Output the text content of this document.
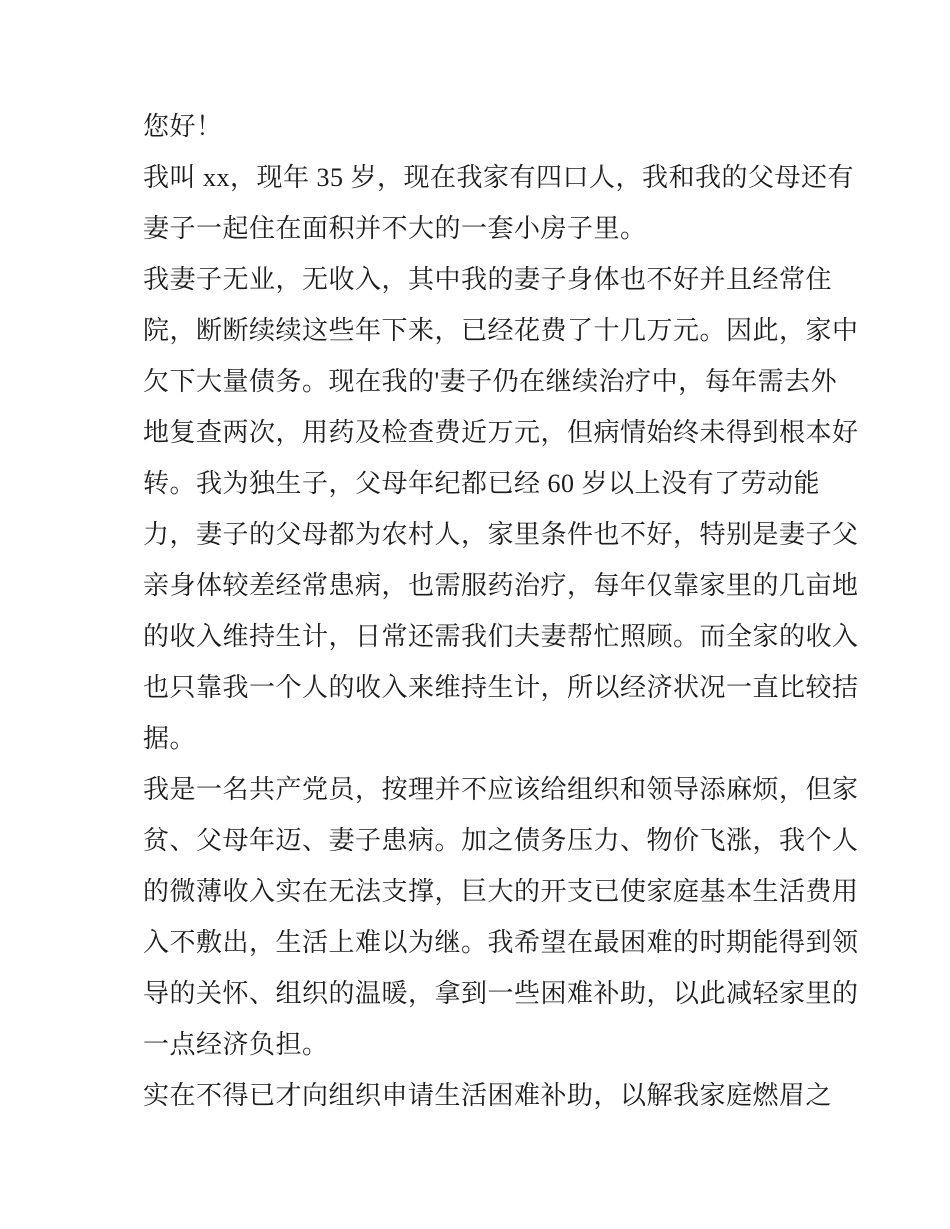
您好！
我叫 xx，现年 35 岁，现在我家有四口人，我和我的父母还有
妻子一起住在面积并不大的一套小房子里。
我妻子无业，无收入，其中我的妻子身体也不好并且经常住
院，断断续续这些年下来，已经花费了十几万元。因此，家中
欠下大量债务。现在我的'妻子仍在继续治疗中，每年需去外
地复查两次，用药及检查费近万元，但病情始终未得到根本好
转。我为独生子，父母年纪都已经 60 岁以上没有了劳动能
力，妻子的父母都为农村人，家里条件也不好，特别是妻子父
亲身体较差经常患病，也需服药治疗，每年仅靠家里的几亩地
的收入维持生计，日常还需我们夫妻帮忙照顾。而全家的收入
也只靠我一个人的收入来维持生计，所以经济状况一直比较拮
据。
我是一名共产党员，按理并不应该给组织和领导添麻烦，但家
贫、父母年迈、妻子患病。加之债务压力、物价飞涨，我个人
的微薄收入实在无法支撑，巨大的开支已使家庭基本生活费用
入不敷出，生活上难以为继。我希望在最困难的时期能得到领
导的关怀、组织的温暖，拿到一些困难补助，以此减轻家里的
一点经济负担。
实在不得已才向组织申请生活困难补助，以解我家庭燃眉之
